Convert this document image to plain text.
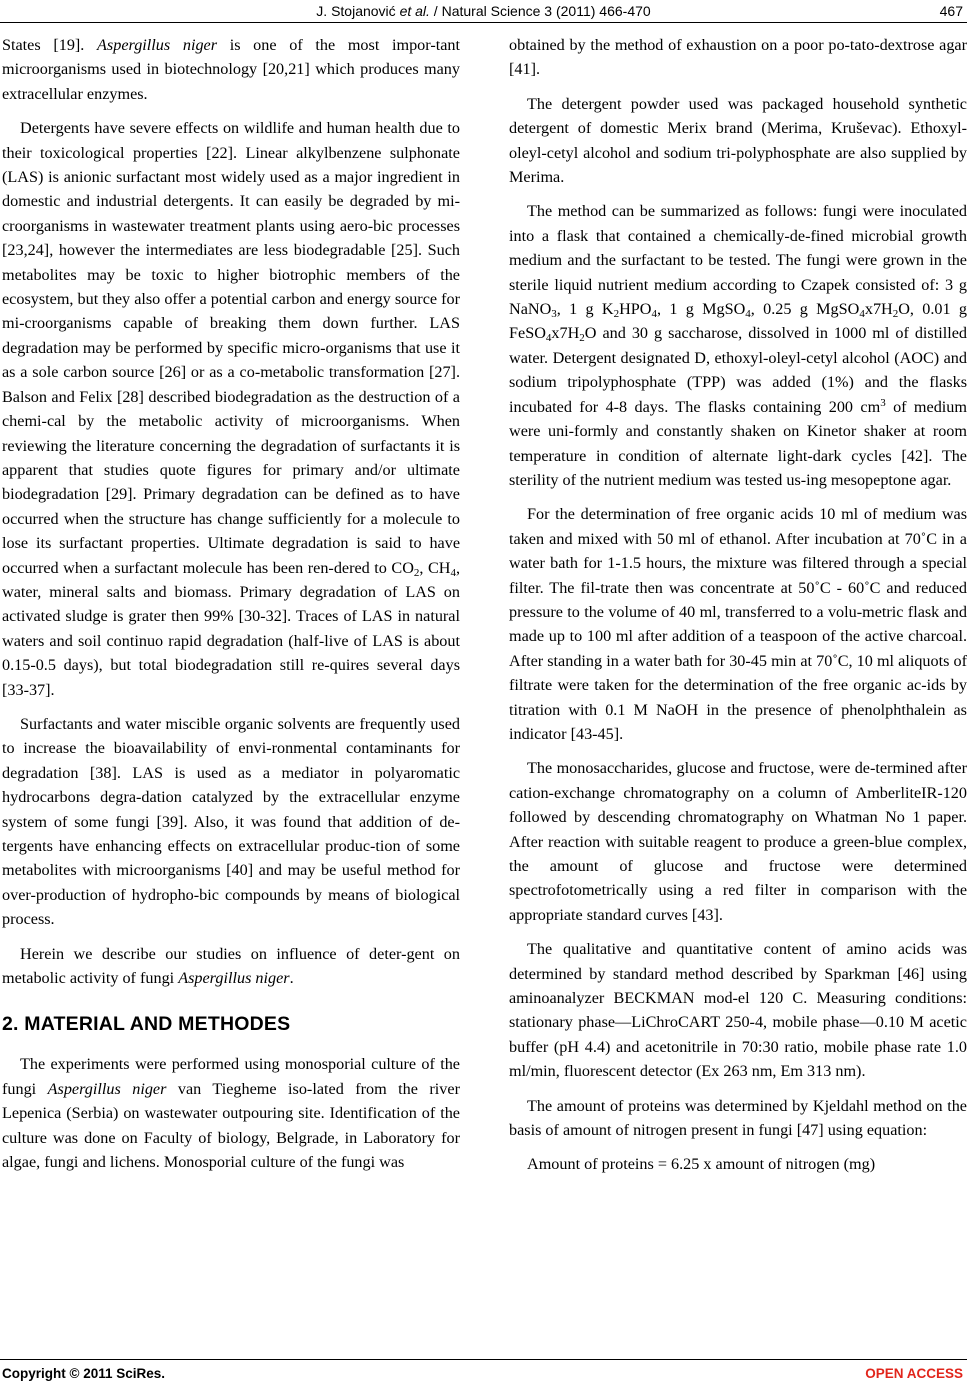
J. Stojanović et al. / Natural Science 3 (2011) 466-470	467

States [19]. Aspergillus niger is one of the most impor-tant microorganisms used in biotechnology [20,21] which produces many extracellular enzymes.

Detergents have severe effects on wildlife and human health due to their toxicological properties [22]. Linear alkylbenzene sulphonate (LAS) is anionic surfactant most widely used as a major ingredient in domestic and industrial detergents. It can easily be degraded by mi-croorganisms in wastewater treatment plants using aero-bic processes [23,24], however the intermediates are less biodegradable [25]. Such metabolites may be toxic to higher biotrophic members of the ecosystem, but they also offer a potential carbon and energy source for mi-croorganisms capable of breaking them down further. LAS degradation may be performed by specific micro-organisms that use it as a sole carbon source [26] or as a co-metabolic transformation [27]. Balson and Felix [28] described biodegradation as the destruction of a chemi-cal by the metabolic activity of microorganisms. When reviewing the literature concerning the degradation of surfactants it is apparent that studies quote figures for primary and/or ultimate biodegradation [29]. Primary degradation can be defined as to have occurred when the structure has change sufficiently for a molecule to lose its surfactant properties. Ultimate degradation is said to have occurred when a surfactant molecule has been ren-dered to $CO_2$, $CH_4$, water, mineral salts and biomass. Primary degradation of LAS on activated sludge is grater then 99% [30-32]. Traces of LAS in natural waters and soil continuo rapid degradation (half-live of LAS is about 0.15-0.5 days), but total biodegradation still re-quires several days [33-37].

Surfactants and water miscible organic solvents are frequently used to increase the bioavailability of envi-ronmental contaminants for degradation [38]. LAS is used as a mediator in polyaromatic hydrocarbons degra-dation catalyzed by the extracellular enzyme system of some fungi [39]. Also, it was found that addition of de-tergents have enhancing effects on extracellular produc-tion of some metabolites with microorganisms [40] and may be useful method for over-production of hydropho-bic compounds by means of biological process.

Herein we describe our studies on influence of deter-gent on metabolic activity of fungi Aspergillus niger.

2. MATERIAL AND METHODES

The experiments were performed using monosporial culture of the fungi Aspergillus niger van Tiegheme iso-lated from the river Lepenica (Serbia) on wastewater outpouring site. Identification of the culture was done on Faculty of biology, Belgrade, in Laboratory for algae, fungi and lichens. Monosporial culture of the fungi was

obtained by the method of exhaustion on a poor po-tato-dextrose agar [41].

The detergent powder used was packaged household synthetic detergent of domestic Merix brand (Merima, Kruševac). Ethoxyl-oleyl-cetyl alcohol and sodium tri-polyphosphate are also supplied by Merima.

The method can be summarized as follows: fungi were inoculated into a flask that contained a chemically-de-fined microbial growth medium and the surfactant to be tested. The fungi were grown in the sterile liquid nutrient medium according to Czapek consisted of: 3 g NaNO$_3$, 1 g $K_2HPO_4$, 1 g MgSO$_4$, 0.25 g $MgSO_4x7H_2O$, 0.01 g $FeSO_4x7H_2O$ and 30 g saccharose, dissolved in 1000 ml of distilled water. Detergent designated D, ethoxyl-oleyl-cetyl alcohol (AOC) and sodium tripolyphosphate (TPP) was added (1%) and the flasks incubated for 4-8 days. The flasks containing 200 $cm^3$ of medium were uni-formly and constantly shaken on Kinetor shaker at room temperature in condition of alternate light-dark cycles [42]. The sterility of the nutrient medium was tested us-ing mesopeptone agar.

For the determination of free organic acids 10 ml of medium was taken and mixed with 50 ml of ethanol. After incubation at 70˚C in a water bath for 1-1.5 hours, the mixture was filtered through a special filter. The fil-trate then was concentrate at 50˚C - 60˚C and reduced pressure to the volume of 40 ml, transferred to a volu-metric flask and made up to 100 ml after addition of a teaspoon of the active charcoal. After standing in a water bath for 30-45 min at 70˚C, 10 ml aliquots of filtrate were taken for the determination of the free organic ac-ids by titration with 0.1 M NaOH in the presence of phenolphthalein as indicator [43-45].

The monosaccharides, glucose and fructose, were de-termined after cation-exchange chromatography on a column of AmberliteIR-120 followed by descending chromatography on Whatman No 1 paper. After reaction with suitable reagent to produce a green-blue complex, the amount of glucose and fructose were determined spectrofotometrically using a red filter in comparison with the appropriate standard curves [43].

The qualitative and quantitative content of amino acids was determined by standard method described by Sparkman [46] using aminoanalyzer BECKMAN mod-el 120 C. Measuring conditions: stationary phase—LiChroCART 250-4, mobile phase—0.10 M acetic buffer (pH 4.4) and acetonitrile in 70:30 ratio, mobile phase rate 1.0 ml/min, fluorescent detector (Ex 263 nm, Em 313 nm).

The amount of proteins was determined by Kjeldahl method on the basis of amount of nitrogen present in fungi [47] using equation:

Amount of proteins = 6.25 x amount of nitrogen (mg)

Copyright © 2011 SciRes.	OPEN ACCESS
